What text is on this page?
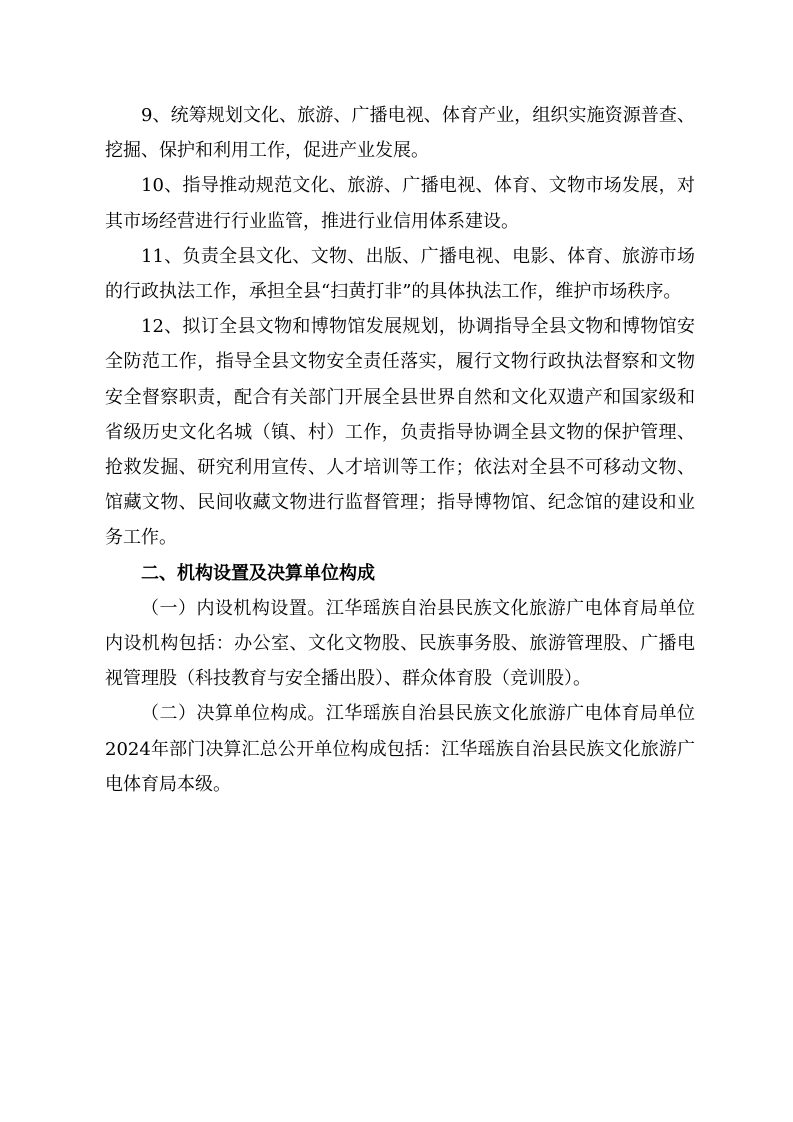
9、统筹规划文化、旅游、广播电视、体育产业，组织实施资源普查、挖掘、保护和利用工作，促进产业发展。

10、指导推动规范文化、旅游、广播电视、体育、文物市场发展，对其市场经营进行行业监管，推进行业信用体系建设。

11、负责全县文化、文物、出版、广播电视、电影、体育、旅游市场的行政执法工作，承担全县“扫黄打非”的具体执法工作，维护市场秩序。

12、拟订全县文物和博物馆发展规划，协调指导全县文物和博物馆安全防范工作，指导全县文物安全责任落实，履行文物行政执法督察和文物安全督察职责，配合有关部门开展全县世界自然和文化双遗产和国家级和省级历史文化名城（镇、村）工作，负责指导协调全县文物的保护管理、抢救发掘、研究利用宣传、人才培训等工作；依法对全县不可移动文物、馆藏文物、民间收藏文物进行监督管理；指导博物馆、纪念馆的建设和业务工作。

二、机构设置及决算单位构成

（一）内设机构设置。江华瑶族自治县民族文化旅游广电体育局单位内设机构包括：办公室、文化文物股、民族事务股、旅游管理股、广播电视管理股（科技教育与安全播出股）、群众体育股（竞训股）。

（二）决算单位构成。江华瑶族自治县民族文化旅游广电体育局单位2024年部门决算汇总公开单位构成包括：江华瑶族自治县民族文化旅游广电体育局本级。
